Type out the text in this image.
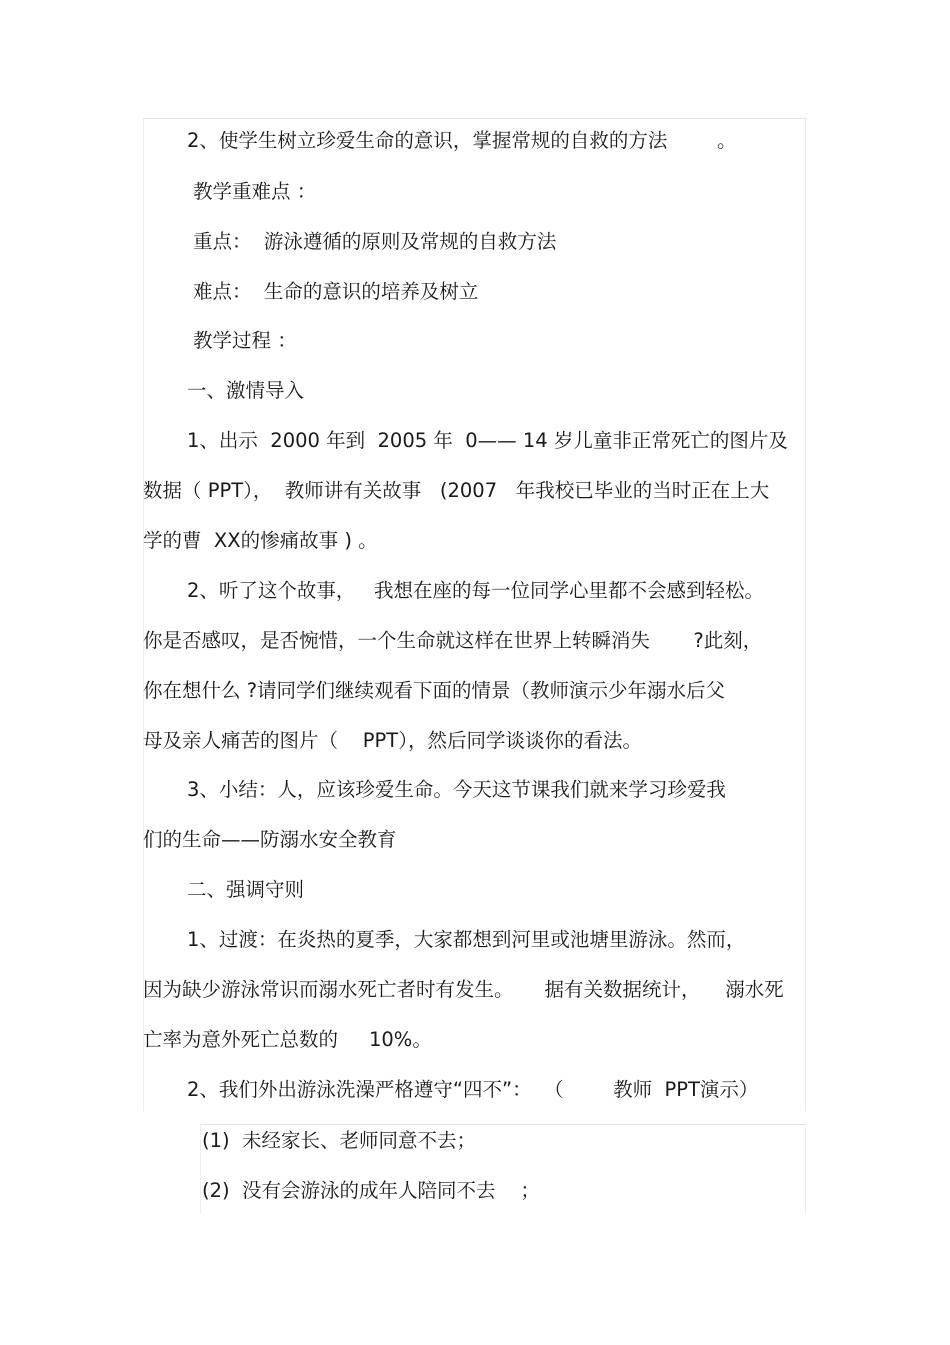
2、使学生树立珍爱生命的意识，掌握常规的自救的方法        。

教学重难点 ：

重点：  游泳遵循的原则及常规的自救方法

难点：  生命的意识的培养及树立

教学过程 ：

一、激情导入

1、出示  2000 年到  2005 年  0—— 14 岁儿童非正常死亡的图片及

数据（ PPT），  教师讲有关故事   (2007   年我校已毕业的当时正在上大

学的曹  XX的惨痛故事 ) 。

2、听了这个故事，   我想在座的每一位同学心里都不会感到轻松。

你是否感叹，是否惋惜，一个生命就这样在世界上转瞬消失       ?此刻，

你在想什么 ?请同学们继续观看下面的情景（教师演示少年溺水后父

母及亲人痛苦的图片（    PPT），然后同学谈谈你的看法。

3、小结：人，应该珍爱生命。今天这节课我们就来学习珍爱我

们的生命——防溺水安全教育

二、强调守则

1、过渡：在炎热的夏季，大家都想到河里或池塘里游泳。然而，

因为缺少游泳常识而溺水死亡者时有发生。     据有关数据统计，    溺水死

亡率为意外死亡总数的     10%。

2、我们外出游泳洗澡严格遵守“四不”：  （        教师  PPT演示）

(1)  未经家长、老师同意不去；

(2)  没有会游泳的成年人陪同不去    ；
